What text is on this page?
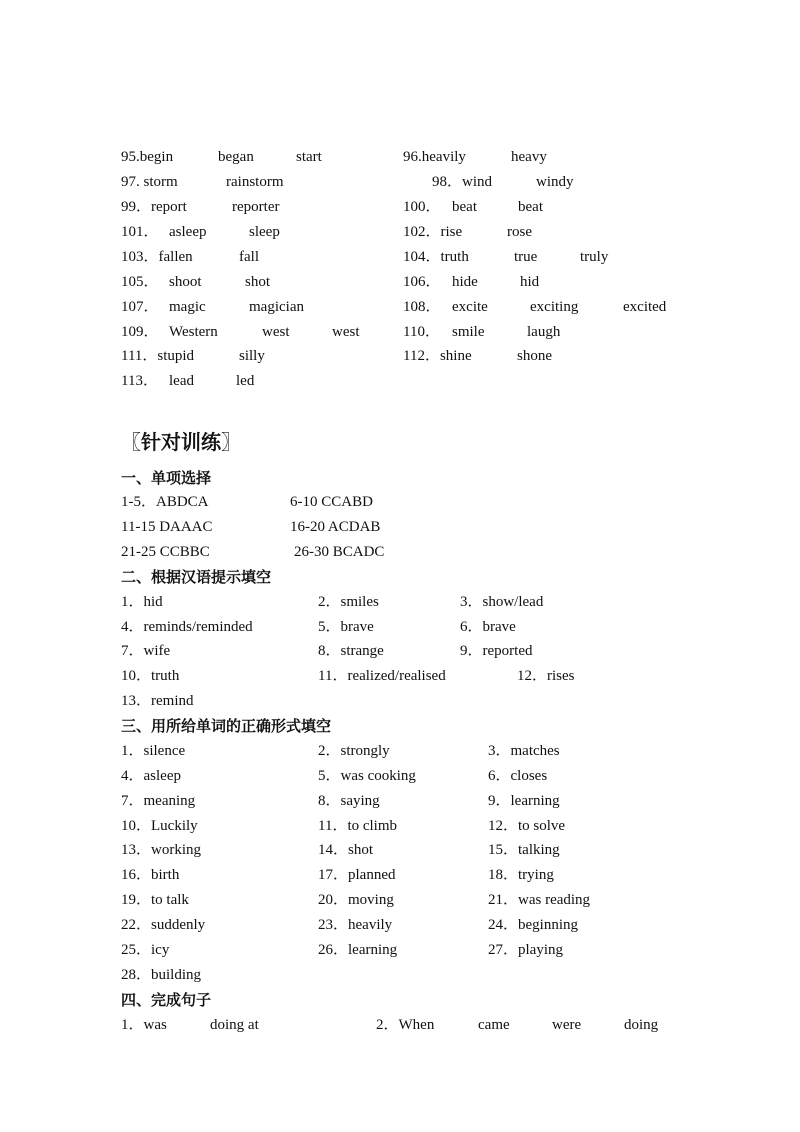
95.begin	began	start	96.heavily	heavy
97. storm	rainstorm	98．wind	windy
99．report	reporter	100． beat	beat
101． asleep	sleep	102．rise	rose
103．fallen	fall	104．truth	true	truly
105． shoot	shot	106． hide	hid
107． magic	magician	108． excite	exciting	excited
109． Western	west	west	110． smile	laugh
111．stupid	silly	112．shine	shone
113． lead	led
〖针对训练〗
一、单项选择
1-5．ABDCA	6-10 CCABD
11-15 DAAAC	16-20 ACDAB
21-25 CCBBC	26-30 BCADC
二、根据汉语提示填空
1．hid	2．smiles	3．show/lead
4．reminds/reminded	5．brave	6．brave
7．wife	8．strange	9．reported
10．truth	11．realized/realised	12．rises
13．remind
三、用所给单词的正确形式填空
1．silence	2．strongly	3．matches
4．asleep	5．was cooking	6．closes
7．meaning	8．saying	9．learning
10．Luckily	11．to climb	12．to solve
13．working	14．shot	15．talking
16．birth	17．planned	18．trying
19．to talk	20．moving	21．was reading
22．suddenly	23．heavily	24．beginning
25．icy	26．learning	27．playing
28．building
四、完成句子
1．was	doing at	2．When	came	were	doing
